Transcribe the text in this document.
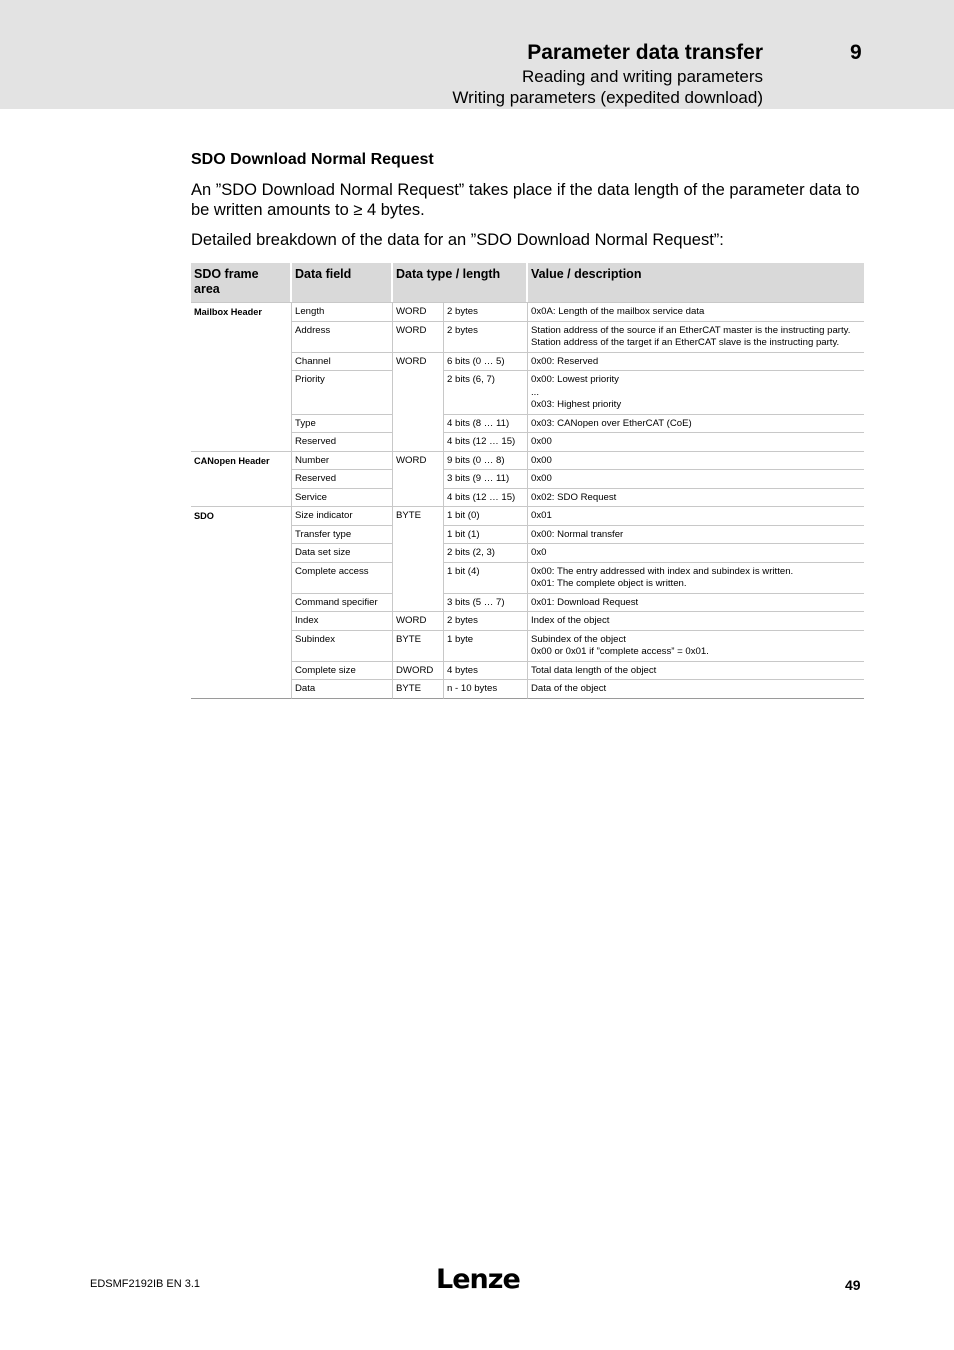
Parameter data transfer	9
Reading and writing parameters
Writing parameters (expedited download)
SDO Download Normal Request
An ”SDO Download Normal Request” takes place if the data length of the parameter data to be written amounts to ≥ 4 bytes.
Detailed breakdown of the data for an ”SDO Download Normal Request”:
SDO frame area	Data field	Data type / length		Value / description
Mailbox Header	Length	WORD	2 bytes	0x0A: Length of the mailbox service data

	Address	WORD	2 bytes	Station address of the source if an EtherCAT master is the instructing party.
Station address of the target if an EtherCAT slave is the instructing party.

	Channel	WORD	6 bits (0 … 5)	0x00: Reserved

	Priority		2 bits (6, 7)	0x00: Lowest priority
...
0x03: Highest priority

	Type		4 bits (8 … 11)	0x03: CANopen over EtherCAT (CoE)

	Reserved		4 bits (12 … 15)	0x00

CANopen Header	Number	WORD	9 bits (0 … 8)	0x00

	Reserved		3 bits (9 … 11)	0x00

	Service		4 bits (12 … 15)	0x02: SDO Request

SDO	Size indicator	BYTE	1 bit (0)	0x01

	Transfer type		1 bit (1)	0x00: Normal transfer

	Data set size		2 bits (2, 3)	0x0

	Complete access		1 bit (4)	0x00: The entry addressed with index and subindex is written.
0x01: The complete object is written.

	Command specifier		3 bits (5 … 7)	0x01: Download Request

	Index	WORD	2 bytes	Index of the object

	Subindex	BYTE	1 byte	Subindex of the object
0x00 or 0x01 if ”complete access” = 0x01.

	Complete size	DWORD	4 bytes	Total data length of the object

	Data	BYTE	n - 10 bytes	Data of the object
EDSMF2192IB EN 3.1	Lenze	49
